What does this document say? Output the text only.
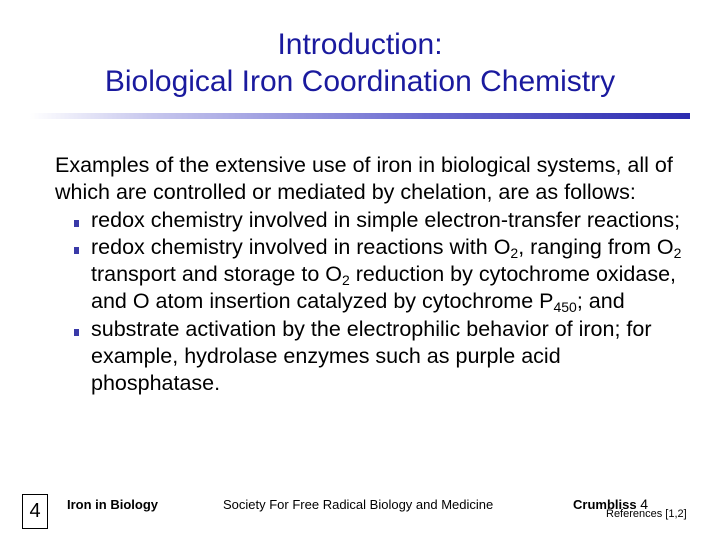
Introduction:
Biological Iron Coordination Chemistry

Examples of the extensive use of iron in biological systems, all of which are controlled or mediated by chelation, are as follows:

redox chemistry involved in simple electron-transfer reactions;
redox chemistry involved in reactions with $O_2$, ranging from $O_2$ transport and storage to $O_2$ reduction by cytochrome oxidase, and O atom insertion catalyzed by cytochrome $P_{450}$; and
substrate activation by the electrophilic behavior of iron; for example, hydrolase enzymes such as purple acid phosphatase.
4	Iron in Biology	Society For Free Radical Biology and Medicine	Crumbliss 4
References [1,2]
